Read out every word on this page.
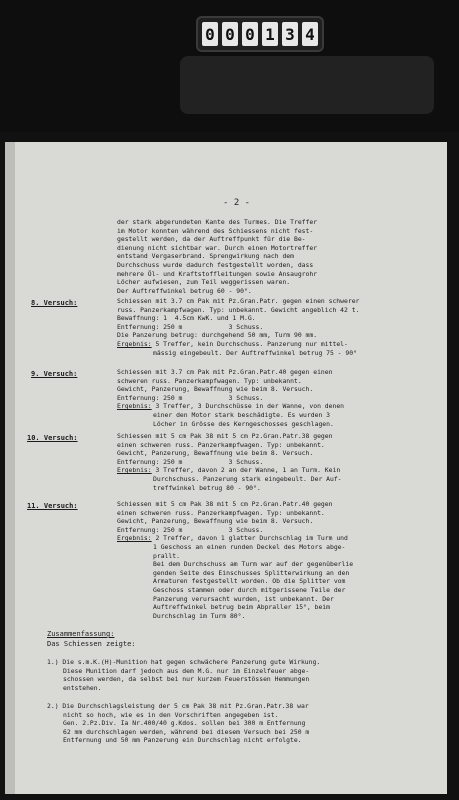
0 0 0 1 3 4
- 2 -

der stark abgerundeten Kante des Turmes. Die Treffer

im Motor konnten während des Schiessens nicht fest-

gestellt werden, da der Auftreffpunkt für die Be-

dienung nicht sichtbar war. Durch einen Motortreffer

entstand Vergaserbrand. Sprengwirkung nach dem

Durchschuss wurde dadurch festgestellt worden, dass

mehrere Öl- und Kraftstoffleitungen sowie Ansaugrohr

Löcher aufwiesen, zum Teil weggerissen waren.

Der Auftreffwinkel betrug 60 - 90°.

8. Versuch:	Schiessen mit 3.7 cm Pak mit Pz.Gran.Patr. gegen einen schwerer

russ. Panzerkampfwagen. Typ: unbekannt. Gewicht angeblich 42 t.

Bewaffnung: 1  4.5cm KwK. und 1 M.G.

Entfernung: 250 m            3 Schuss.

Die Panzerung betrug: durchgehend 50 mm, Turm 90 mm.

Ergebnis: 5 Treffer, kein Durchschuss. Panzerung nur mittel-

mässig eingebeult. Der Auftreffwinkel betrug 75 - 90°

9. Versuch:	Schiessen mit 3.7 cm Pak mit Pz.Gran.Patr.40 gegen einen

schweren russ. Panzerkampfwagen. Typ: unbekannt.

Gewicht, Panzerung, Bewaffnung wie beim 8. Versuch.

Entfernung: 250 m            3 Schuss.

Ergebnis: 3 Treffer, 3 Durchschüsse in der Wanne, von denen

einer den Motor stark beschädigte. Es wurden 3

Löcher in Grösse des Kerngeschosses geschlagen.

10. Versuch:	Schiessen mit 5 cm Pak 38 mit 5 cm Pz.Gran.Patr.38 gegen

einen schweren russ. Panzerkampfwagen. Typ: unbekannt.

Gewicht, Panzerung, Bewaffnung wie beim 8. Versuch.

Entfernung: 250 m            3 Schuss.

Ergebnis: 3 Treffer, davon 2 an der Wanne, 1 an Turm. Kein

Durchschuss. Panzerung stark eingebeult. Der Auf-

treffwinkel betrug 80 - 90°.

11. Versuch:	Schiessen mit 5 cm Pak 38 mit 5 cm Pz.Gran.Patr.40 gegen

einen schweren russ. Panzerkampfwagen. Typ: unbekannt.

Gewicht, Panzerung, Bewaffnung wie beim 8. Versuch.

Entfernung: 250 m            3 Schuss.

Ergebnis: 2 Treffer, davon 1 glatter Durchschlag im Turm und

1 Geschoss an einen runden Deckel des Motors abge-

prallt.

Bei dem Durchschuss am Turm war auf der gegenüberlie

genden Seite des Einschusses Splitterwirkung an den

Armaturen festgestellt worden. Ob die Splitter vom

Geschoss stammen oder durch mitgerissene Teile der

Panzerung verursacht wurden, ist unbekannt. Der

Auftreffwinkel betrug beim Abpraller 15°, beim

Durchschlag im Turm 80°.

Zusammenfassung:
Das Schiessen zeigte:

1.) Die s.m.K.(H)-Munition hat gegen schwächere Panzerung gute Wirkung.

Diese Munition darf jedoch aus dem M.G. nur im Einzelfeuer abge-

schossen werden, da selbst bei nur kurzem Feuerstössen Hemmungen

entstehen.

2.) Die Durchschlagsleistung der 5 cm Pak 38 mit Pz.Gran.Patr.38 war

nicht so hoch, wie es in den Vorschriften angegeben ist.

Gen. 2.Pz.Div. Ia Nr.400/40 g.Kdos. sollen bei 300 m Entfernung

62 mm durchschlagen werden, während bei diesem Versuch bei 250 m

Entfernung und 50 mm Panzerung ein Durchschlag nicht erfolgte.
